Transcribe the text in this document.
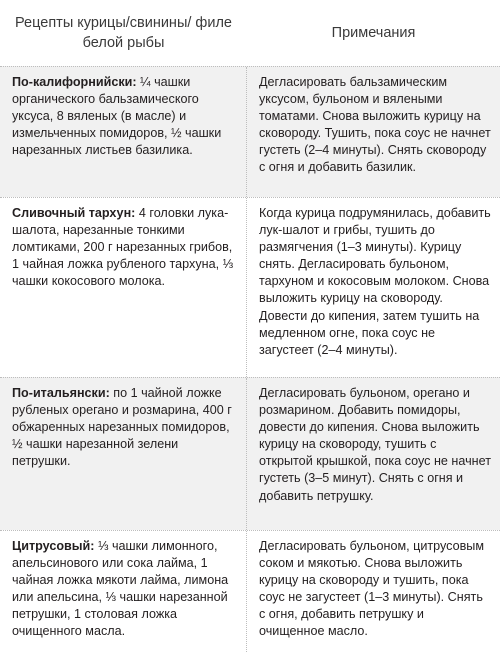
Рецепты курицы/свинины/ филе белой рыбы
Примечания

По-калифорнийски: ¼ чашки органического бальзамического уксуса, 8 вяленых (в масле) и измельченных помидоров, ½ чашки нарезанных листьев базилика.

Дегласировать бальзамическим уксусом, бульоном и вялеными томатами. Снова выложить курицу на сковороду. Тушить, пока соус не начнет густеть (2–4 минуты). Снять сковороду с огня и добавить базилик.

Сливочный тархун: 4 головки лука-шалота, нарезанные тонкими ломтиками, 200 г нарезанных грибов, 1 чайная ложка рубленого тархуна, ⅓ чашки кокосового молока.

Когда курица подрумянилась, добавить лук-шалот и грибы, тушить до размягчения (1–3 минуты). Курицу снять. Дегласировать бульоном, тархуном и кокосовым молоком. Снова выложить курицу на сковороду. Довести до кипения, затем тушить на медленном огне, пока соус не загустеет (2–4 минуты).

По-итальянски: по 1 чайной ложке рубленых орегано и розмарина, 400 г обжаренных нарезанных помидоров, ½ чашки нарезанной зелени петрушки.

Дегласировать бульоном, орегано и розмарином. Добавить помидоры, довести до кипения. Снова выложить курицу на сковороду, тушить с открытой крышкой, пока соус не начнет густеть (3–5 минут). Снять с огня и добавить петрушку.

Цитрусовый: ⅓ чашки лимонного, апельсинового или сока лайма, 1 чайная ложка мякоти лайма, лимона или апельсина, ⅓ чашки нарезанной петрушки, 1 столовая ложка очищенного масла.

Дегласировать бульоном, цитрусовым соком и мякотью. Снова выложить курицу на сковороду и тушить, пока соус не загустеет (1–3 минуты). Снять с огня, добавить петрушку и очищенное масло.
